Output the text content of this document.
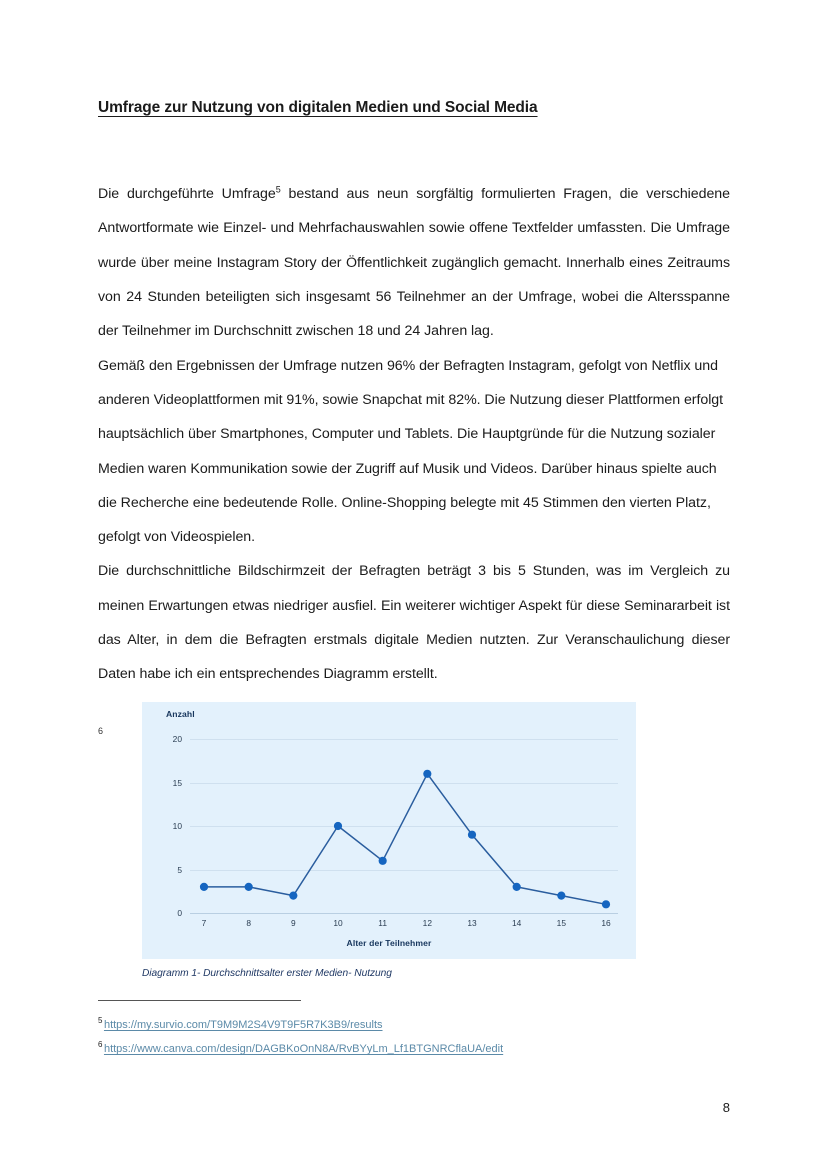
Umfrage zur Nutzung von digitalen Medien und Social Media

Die durchgeführte Umfrage$^5$ bestand aus neun sorgfältig formulierten Fragen, die verschiedene Antwortformate wie Einzel- und Mehrfachauswahlen sowie offene Textfelder umfassten. Die Umfrage wurde über meine Instagram Story der Öffentlichkeit zugänglich gemacht. Innerhalb eines Zeitraums von 24 Stunden beteiligten sich insgesamt 56 Teilnehmer an der Umfrage, wobei die Altersspanne der Teilnehmer im Durchschnitt zwischen 18 und 24 Jahren lag.

Gemäß den Ergebnissen der Umfrage nutzen 96% der Befragten Instagram, gefolgt von Netflix und anderen Videoplattformen mit 91%, sowie Snapchat mit 82%. Die Nutzung dieser Plattformen erfolgt hauptsächlich über Smartphones, Computer und Tablets. Die Hauptgründe für die Nutzung sozialer Medien waren Kommunikation sowie der Zugriff auf Musik und Videos. Darüber hinaus spielte auch die Recherche eine bedeutende Rolle. Online-Shopping belegte mit 45 Stimmen den vierten Platz, gefolgt von Videospielen.

Die durchschnittliche Bildschirmzeit der Befragten beträgt 3 bis 5 Stunden, was im Vergleich zu meinen Erwartungen etwas niedriger ausfiel. Ein weiterer wichtiger Aspekt für diese Seminararbeit ist das Alter, in dem die Befragten erstmals digitale Medien nutzten. Zur Veranschaulichung dieser Daten habe ich ein entsprechendes Diagramm erstellt.

6
Anzahl
0
5
10
15
20
7	8	9	10	11	12	13	14	15	16
Alter der Teilnehmer
Diagramm 1- Durchschnittsalter erster Medien- Nutzung
$^5$ https://my.survio.com/T9M9M2S4V9T9F5R7K3B9/results
$^6$ https://www.canva.com/design/DAGBKoOnN8A/RvBYyLm_Lf1BTGNRCflaUA/edit
8
